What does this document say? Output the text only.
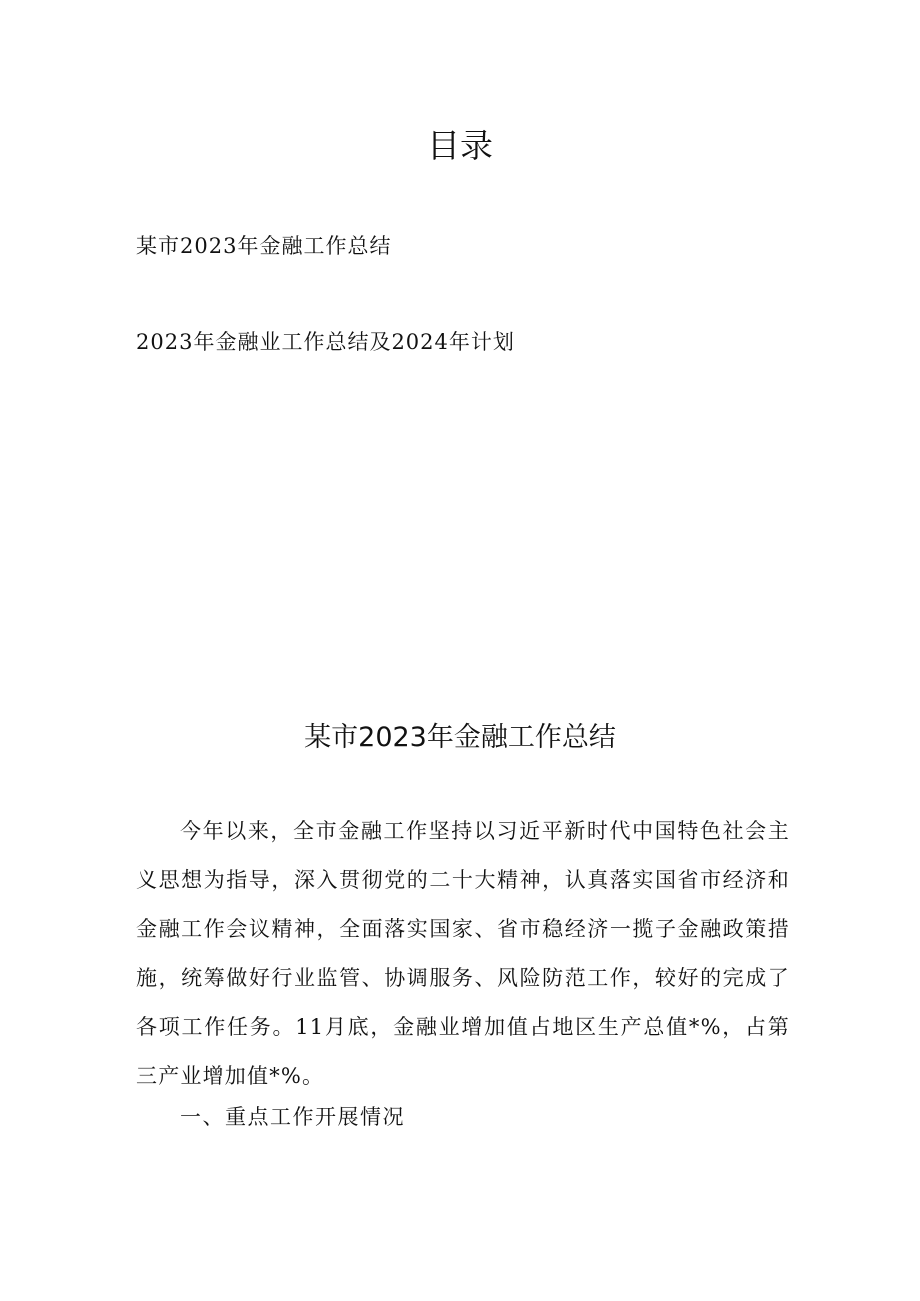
目录

某市2023年金融工作总结

2023年金融业工作总结及2024年计划

某市2023年金融工作总结

今年以来，全市金融工作坚持以习近平新时代中国特色社会主义思想为指导，深入贯彻党的二十大精神，认真落实国省市经济和金融工作会议精神，全面落实国家、省市稳经济一揽子金融政策措施，统筹做好行业监管、协调服务、风险防范工作，较好的完成了各项工作任务。11月底，金融业增加值占地区生产总值*%，占第三产业增加值*%。

一、重点工作开展情况
